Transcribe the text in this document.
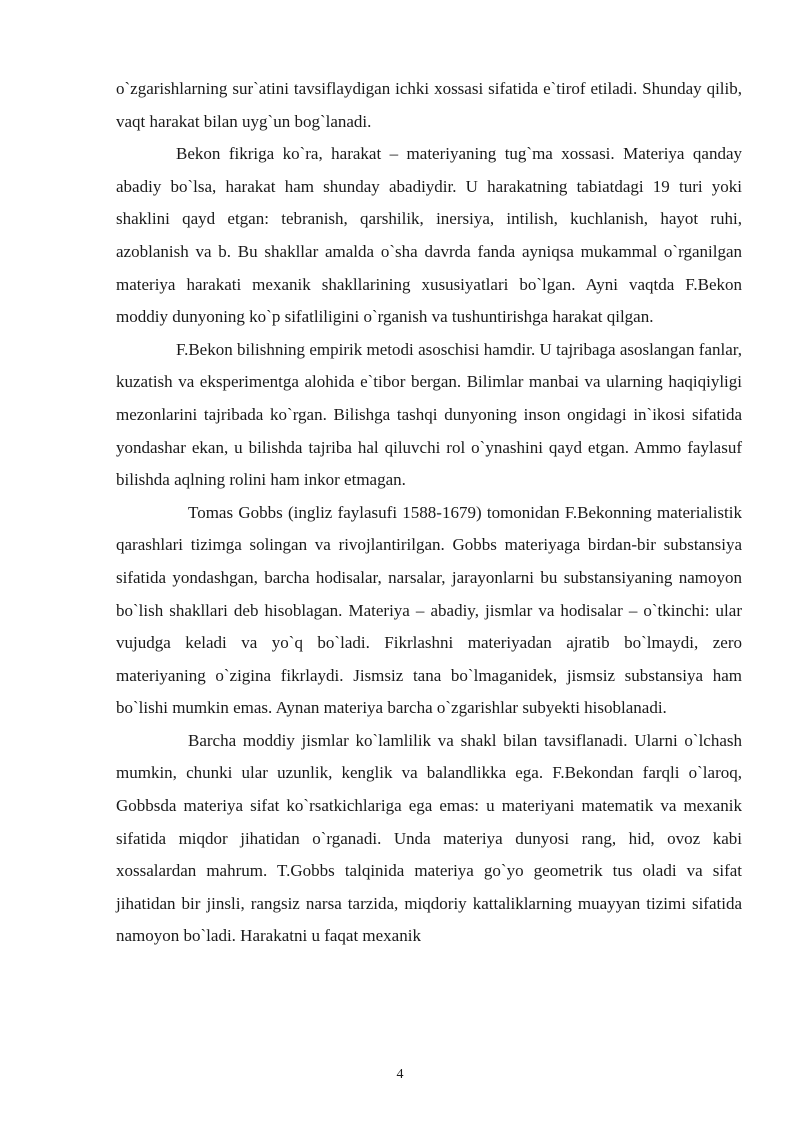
o`zgarishlarning sur`atini tavsiflaydigan ichki xossasi sifatida e`tirof etiladi. Shunday qilib, vaqt harakat bilan uyg`un bog`lanadi.

Bekon fikriga ko`ra, harakat – materiyaning tug`ma xossasi. Materiya qanday abadiy bo`lsa, harakat ham shunday abadiydir. U harakatning tabiatdagi 19 turi yoki shaklini qayd etgan: tebranish, qarshilik, inersiya, intilish, kuchlanish, hayot ruhi, azoblanish va b. Bu shakllar amalda o`sha davrda fanda ayniqsa mukammal o`rganilgan materiya harakati mexanik shakllarining xususiyatlari bo`lgan. Ayni vaqtda F.Bekon moddiy dunyoning ko`p sifatliligini o`rganish va tushuntirishga harakat qilgan.

F.Bekon bilishning empirik metodi asoschisi hamdir. U tajribaga asoslangan fanlar, kuzatish va eksperimentga alohida e`tibor bergan. Bilimlar manbai va ularning haqiqiyligi mezonlarini tajribada ko`rgan. Bilishga tashqi dunyoning inson ongidagi in`ikosi sifatida yondashar ekan, u bilishda tajriba hal qiluvchi rol o`ynashini qayd etgan. Ammo faylasuf bilishda aqlning rolini ham inkor etmagan.

Tomas Gobbs (ingliz faylasufi 1588-1679) tomonidan F.Bekonning materialistik qarashlari tizimga solingan va rivojlantirilgan. Gobbs materiyaga birdan-bir substansiya sifatida yondashgan, barcha hodisalar, narsalar, jarayonlarni bu substansiyaning namoyon bo`lish shakllari deb hisoblagan. Materiya – abadiy, jismlar va hodisalar – o`tkinchi: ular vujudga keladi va yo`q bo`ladi. Fikrlashni materiyadan ajratib bo`lmaydi, zero materiyaning o`zigina fikrlaydi. Jismsiz tana bo`lmaganidek, jismsiz substansiya ham bo`lishi mumkin emas. Aynan materiya barcha o`zgarishlar subyekti hisoblanadi.

Barcha moddiy jismlar ko`lamlilik va shakl bilan tavsiflanadi. Ularni o`lchash mumkin, chunki ular uzunlik, kenglik va balandlikka ega. F.Bekondan farqli o`laroq, Gobbsda materiya sifat ko`rsatkichlariga ega emas: u materiyani matematik va mexanik sifatida miqdor jihatidan o`rganadi. Unda materiya dunyosi rang, hid, ovoz kabi xossalardan mahrum. T.Gobbs talqinida materiya go`yo geometrik tus oladi va sifat jihatidan bir jinsli, rangsiz narsa tarzida, miqdoriy kattaliklarning muayyan tizimi sifatida namoyon bo`ladi. Harakatni u faqat mexanik

4
